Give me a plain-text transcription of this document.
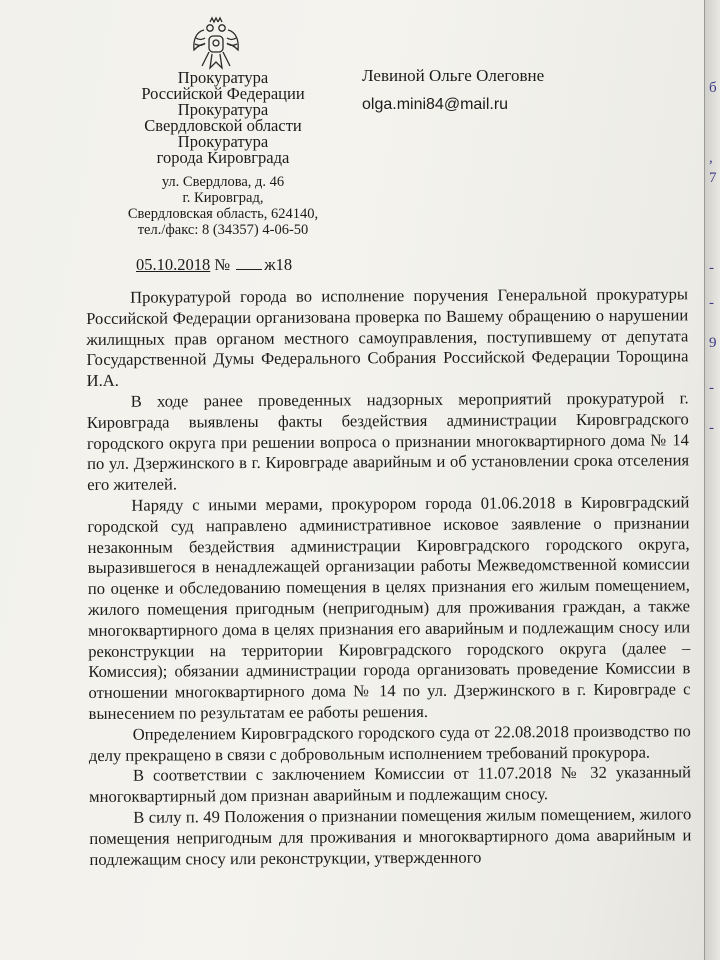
Прокуратура
Российской Федерации
Прокуратура
Свердловской области
Прокуратура
города Кировграда
ул. Свердлова, д. 46
г. Кировград,
Свердловская область, 624140,
тел./факс: 8 (34357) 4-06-50
Левиной Ольге Олеговне
olga.mini84@mail.ru
05.10.2018 № ж18

Прокуратурой города во исполнение поручения Генеральной прокуратуры Российской Федерации организована проверка по Вашему обращению о нарушении жилищных прав органом местного самоуправления, поступившему от депутата Государственной Думы Федерального Собрания Российской Федерации Торощина И.А.

В ходе ранее проведенных надзорных мероприятий прокуратурой г. Кировграда выявлены факты бездействия администрации Кировградского городского округа при решении вопроса о признании многоквартирного дома № 14 по ул. Дзержинского в г. Кировграде аварийным и об установлении срока отселения его жителей.

Наряду с иными мерами, прокурором города 01.06.2018 в Кировградский городской суд направлено административное исковое заявление о признании незаконным бездействия администрации Кировградского городского округа, выразившегося в ненадлежащей организации работы Межведомственной комиссии по оценке и обследованию помещения в целях признания его жилым помещением, жилого помещения пригодным (непригодным) для проживания граждан, а также многоквартирного дома в целях признания его аварийным и подлежащим сносу или реконструкции на территории Кировградского городского округа (далее – Комиссия); обязании администрации города организовать проведение Комиссии в отношении многоквартирного дома № 14 по ул. Дзержинского в г. Кировграде с вынесением по результатам ее работы решения.

Определением Кировградского городского суда от 22.08.2018 производство по делу прекращено в связи с добровольным исполнением требований прокурора.

В соответствии с заключением Комиссии от 11.07.2018 № 32 указанный многоквартирный дом признан аварийным и подлежащим сносу.

В силу п. 49 Положения о признании помещения жилым помещением, жилого помещения непригодным для проживания и многоквартирного дома аварийным и подлежащим сносу или реконструкции, утвержденного

б
,
7
-
-
9
-
-
